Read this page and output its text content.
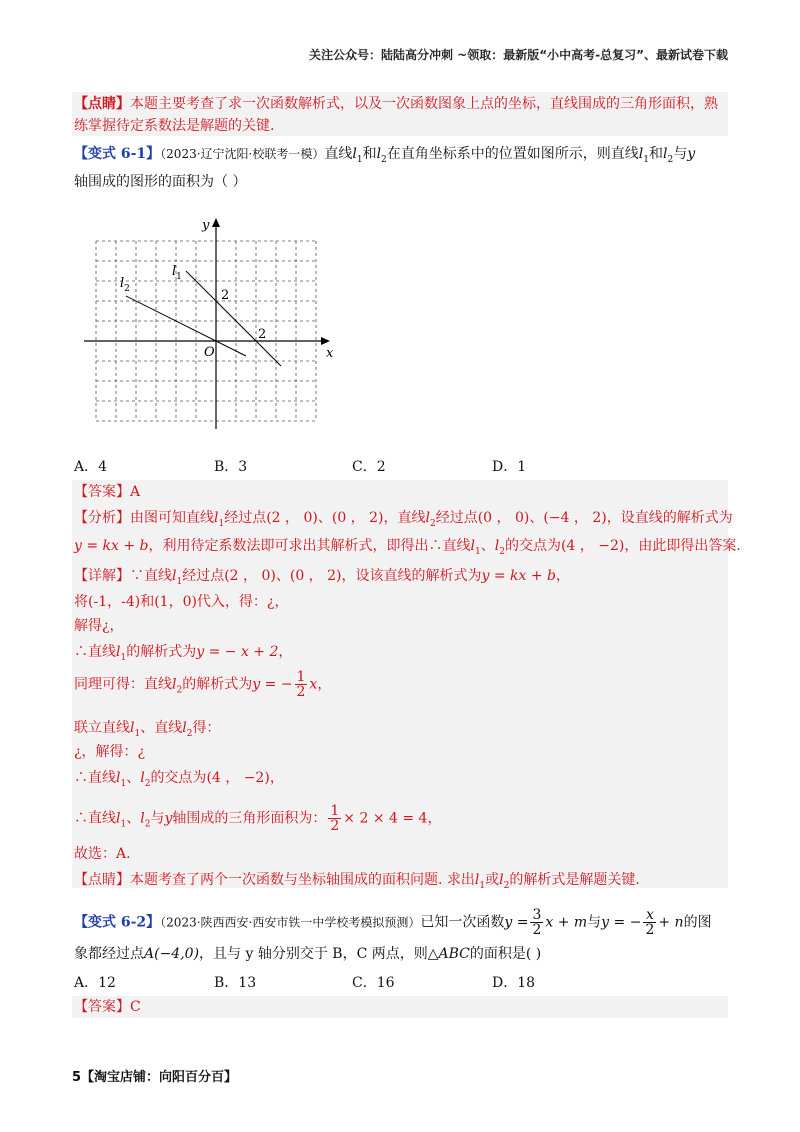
关注公众号：陆陆高分冲刺 ~领取：最新版“小中高考-总复习”、最新试卷下载
【点睛】本题主要考查了求一次函数解析式，以及一次函数图象上点的坐标，直线围成的三角形面积，熟
练掌握待定系数法是解题的关键.
【变式 6-1】（2023·辽宁沈阳·校联考一模）直线$l_1$和$l_2$在直角坐标系中的位置如图所示，则直线$l_1$和$l_2$与y
轴围成的图形的面积为（ ）
x
y
O
2
2
$l_1$
$l_2$
A．4	B．3	C．2	D．1
【答案】A
【分析】由图可知直线$l_1$经过点(2 ， 0)、(0 ， 2)，直线$l_2$经过点(0 ， 0)、(−4 ， 2)，设直线的解析式为
y = kx + b，利用待定系数法即可求出其解析式，即得出∴直线$l_1$、$l_2$的交点为(4 ， −2)，由此即得出答案.
【详解】∵直线$l_1$经过点(2 ， 0)、(0 ， 2)，设该直线的解析式为y = kx + b，
将(-1，-4)和(1，0)代入，得：¿，
解得¿，
∴直线$l_1$的解析式为y = − x + 2，
同理可得：直线$l_2$的解析式为y = − $\frac{1}{2}$ x，
联立直线$l_1$、直线$l_2$得：
¿，解得：¿
∴直线$l_1$、$l_2$的交点为(4 ， −2)，
∴直线$l_1$、$l_2$与y轴围成的三角形面积为： $\frac{1}{2} \times 2 \times 4 = 4$，
故选：A.
【点睛】本题考查了两个一次函数与坐标轴围成的面积问题. 求出$l_1$或$l_2$的解析式是解题关键.
【变式 6-2】（2023·陕西西安·西安市铁一中学校考模拟预测）已知一次函数$y = \frac{3}{2}$ x + m与y = − $\frac{x}{2} + n$的图
象都经过点A(−4,0)，且与 y 轴分别交于 B，C 两点，则△ABC的面积是( )
A．12	B．13	C．16	D．18
【答案】C
5【淘宝店铺：向阳百分百】
